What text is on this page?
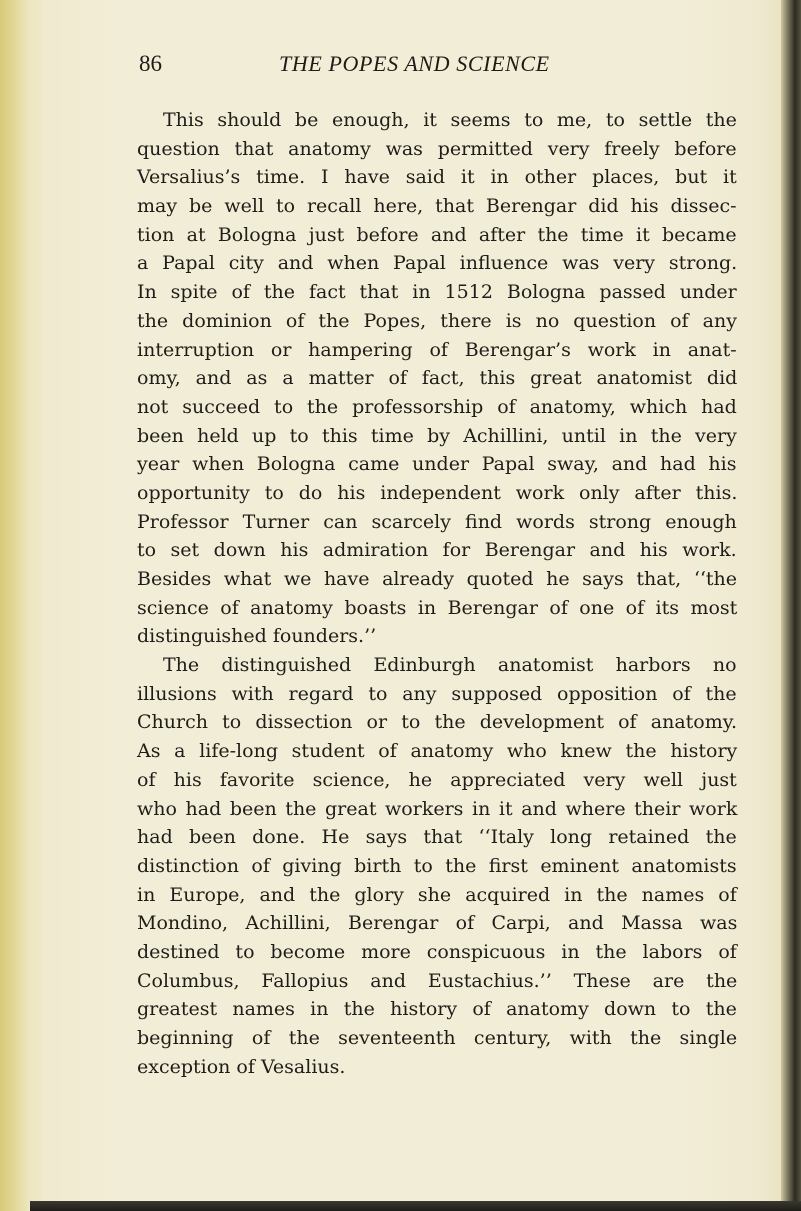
86	THE POPES AND SCIENCE
This should be enough, it seems to me, to settle the
question that anatomy was permitted very freely before
Versalius’s time. I have said it in other places, but it
may be well to recall here, that Berengar did his dissec-
tion at Bologna just before and after the time it became
a Papal city and when Papal influence was very strong.
In spite of the fact that in 1512 Bologna passed under
the dominion of the Popes, there is no question of any
interruption or hampering of Berengar’s work in anat-
omy, and as a matter of fact, this great anatomist did
not succeed to the professorship of anatomy, which had
been held up to this time by Achillini, until in the very
year when Bologna came under Papal sway, and had his
opportunity to do his independent work only after this.
Professor Turner can scarcely find words strong enough
to set down his admiration for Berengar and his work.
Besides what we have already quoted he says that, ‘‘the
science of anatomy boasts in Berengar of one of its most
distinguished founders.’’
The distinguished Edinburgh anatomist harbors no
illusions with regard to any supposed opposition of the
Church to dissection or to the development of anatomy.
As a life-long student of anatomy who knew the history
of his favorite science, he appreciated very well just
who had been the great workers in it and where their work
had been done. He says that ‘‘Italy long retained the
distinction of giving birth to the first eminent anatomists
in Europe, and the glory she acquired in the names of
Mondino, Achillini, Berengar of Carpi, and Massa was
destined to become more conspicuous in the labors of
Columbus, Fallopius and Eustachius.’’ These are the
greatest names in the history of anatomy down to the
beginning of the seventeenth century, with the single
exception of Vesalius.
